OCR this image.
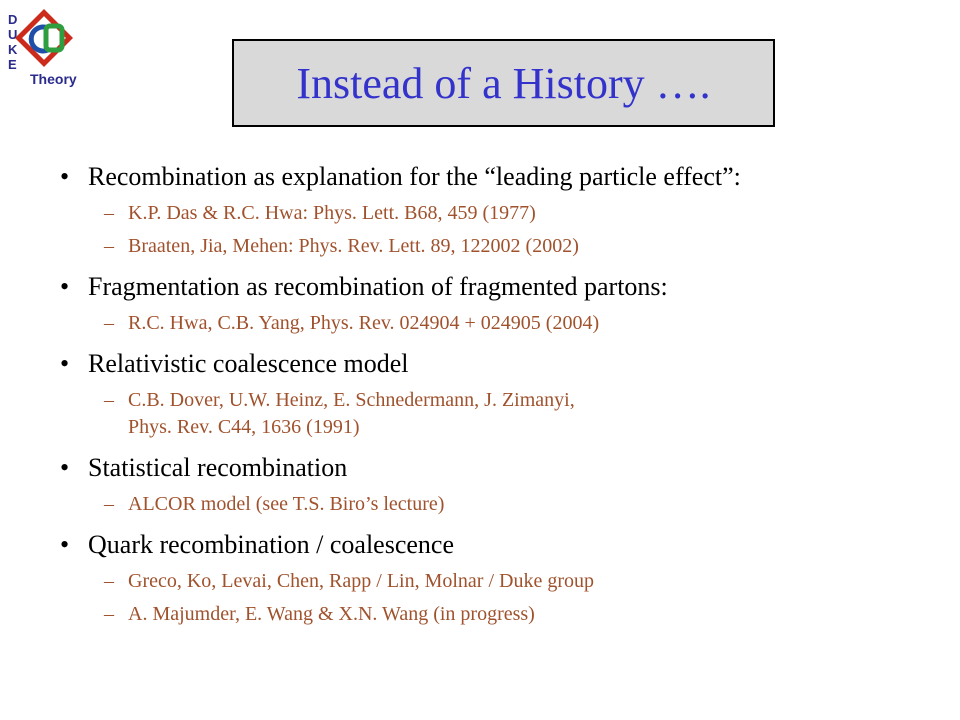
D
U
K
E
Theory	Instead of a History ….
• Recombination as explanation for the “leading particle effect”:
– K.P. Das & R.C. Hwa: Phys. Lett. B68, 459 (1977)
– Braaten, Jia, Mehen: Phys. Rev. Lett. 89, 122002 (2002)
• Fragmentation as recombination of fragmented partons:
– R.C. Hwa, C.B. Yang, Phys. Rev. 024904 + 024905 (2004)
• Relativistic coalescence model
– C.B. Dover, U.W. Heinz, E. Schnedermann, J. Zimanyi,
Phys. Rev. C44, 1636 (1991)
• Statistical recombination
– ALCOR model (see T.S. Biro’s lecture)
• Quark recombination / coalescence
– Greco, Ko, Levai, Chen, Rapp / Lin, Molnar / Duke group
– A. Majumder, E. Wang & X.N. Wang (in progress)
